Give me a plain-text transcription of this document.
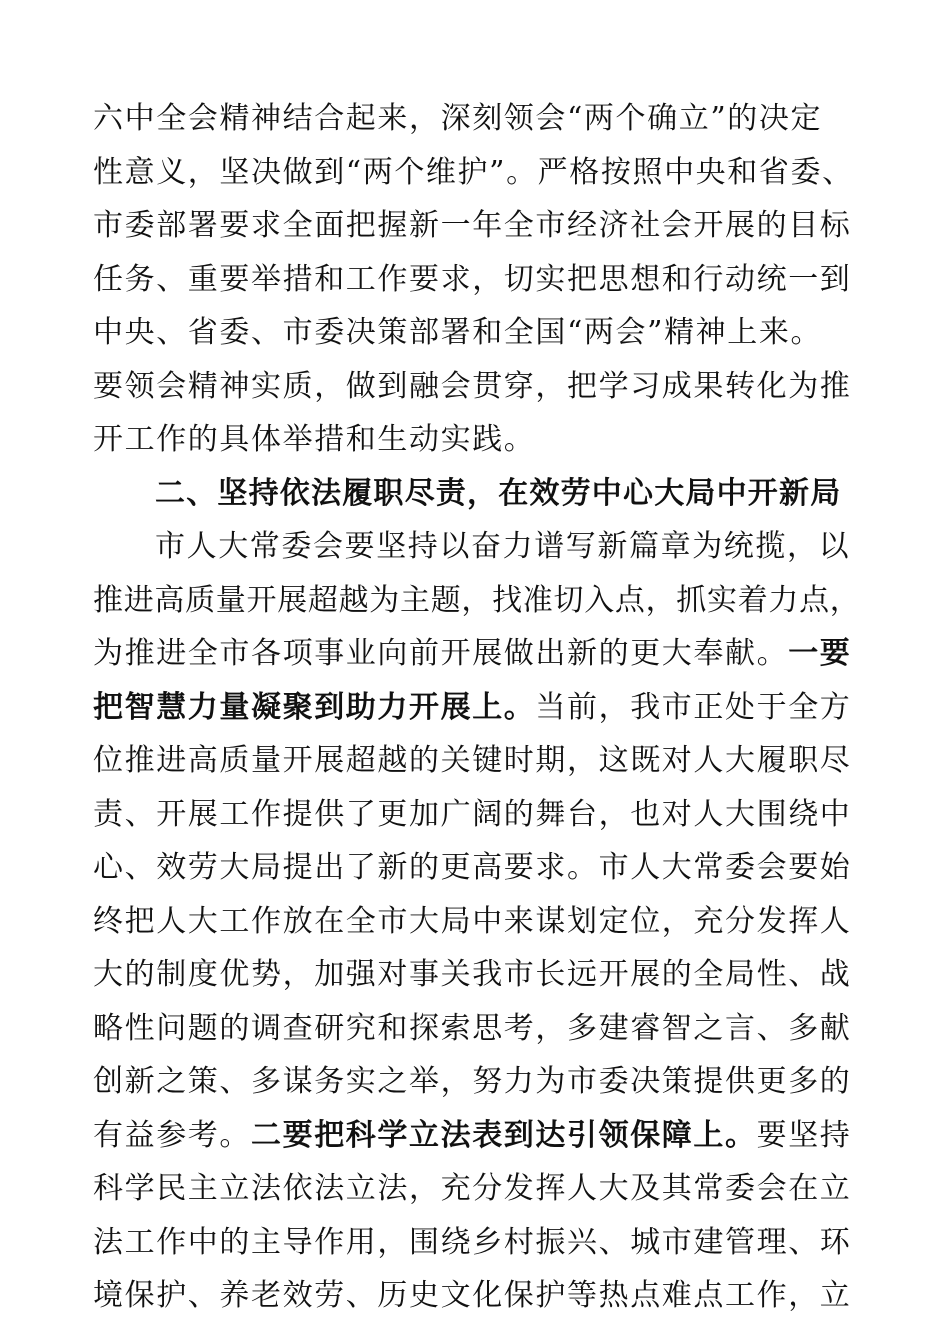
六中全会精神结合起来，深刻领会“两个确立”的决定
性意义，坚决做到“两个维护”。严格按照中央和省委、
市委部署要求全面把握新一年全市经济社会开展的目标
任务、重要举措和工作要求，切实把思想和行动统一到
中央、省委、市委决策部署和全国“两会”精神上来。
要领会精神实质，做到融会贯穿，把学习成果转化为推
开工作的具体举措和生动实践。
二、坚持依法履职尽责，在效劳中心大局中开新局
市人大常委会要坚持以奋力谱写新篇章为统揽，以
推进高质量开展超越为主题，找准切入点，抓实着力点，
为推进全市各项事业向前开展做出新的更大奉献。一要
把智慧力量凝聚到助力开展上。当前，我市正处于全方
位推进高质量开展超越的关键时期，这既对人大履职尽
责、开展工作提供了更加广阔的舞台，也对人大围绕中
心、效劳大局提出了新的更高要求。市人大常委会要始
终把人大工作放在全市大局中来谋划定位，充分发挥人
大的制度优势，加强对事关我市长远开展的全局性、战
略性问题的调查研究和探索思考，多建睿智之言、多献
创新之策、多谋务实之举，努力为市委决策提供更多的
有益参考。二要把科学立法表到达引领保障上。要坚持
科学民主立法依法立法，充分发挥人大及其常委会在立
法工作中的主导作用，围绕乡村振兴、城市建管理、环
境保护、养老效劳、历史文化保护等热点难点工作，立
